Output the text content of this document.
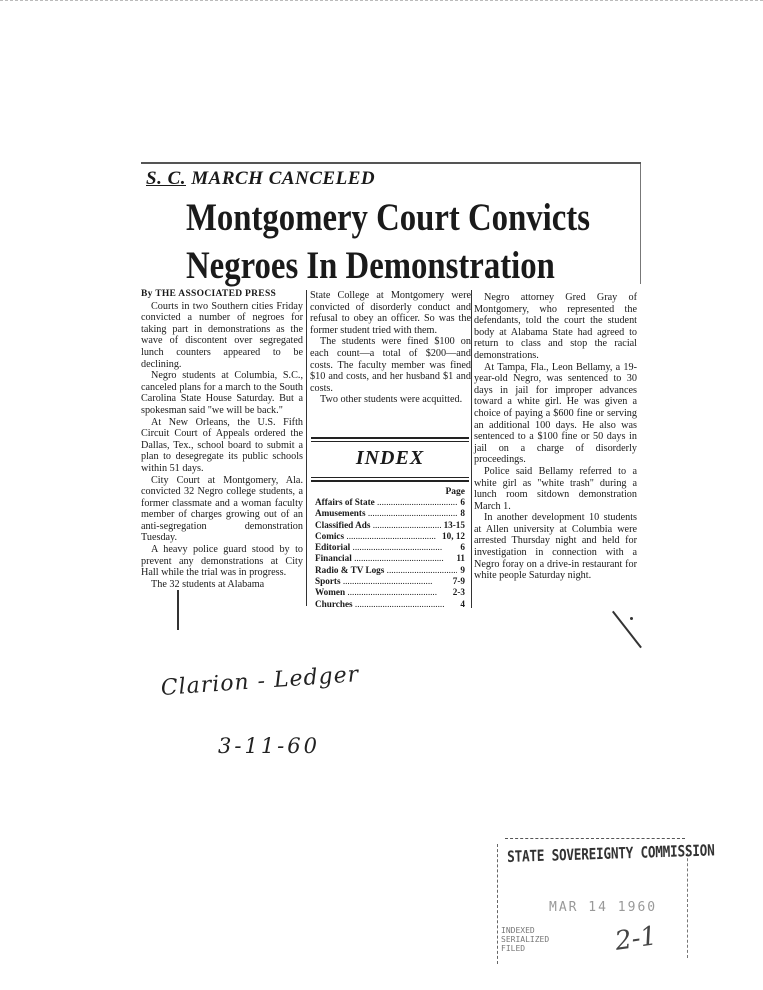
S. C. MARCH CANCELED
Montgomery Court Convicts
Negroes In Demonstration

By THE ASSOCIATED PRESS

Courts in two Southern cities Friday convicted a number of negroes for taking part in demonstrations as the wave of discontent over segregated lunch counters appeared to be declining.

Negro students at Columbia, S.C., canceled plans for a march to the South Carolina State House Saturday. But a spokesman said "we will be back."

At New Orleans, the U.S. Fifth Circuit Court of Appeals ordered the Dallas, Tex., school board to submit a plan to desegregate its public schools within 51 days.

City Court at Montgomery, Ala. convicted 32 Negro college students, a former classmate and a woman faculty member of charges growing out of an anti-segregation demonstration Tuesday.

A heavy police guard stood by to prevent any demonstrations at City Hall while the trial was in progress.

The 32 students at Alabama

State College at Montgomery were convicted of disorderly conduct and refusal to obey an officer. So was the former student tried with them.

The students were fined $100 on each count—a total of $200—and costs. The faculty member was fined $10 and costs, and her husband $1 and costs.

Two other students were acquitted.

INDEX
Page
Affairs of State .....	6
Amusements .....	8
Classified Ads .....	13-15
Comics .....	10, 12
Editorial .....	6
Financial .....	11
Radio & TV Logs .....	9
Sports .....	7-9
Women .....	2-3
Churches .....	4

Negro attorney Gred Gray of Montgomery, who represented the defendants, told the court the student body at Alabama State had agreed to return to class and stop the racial demonstrations.

At Tampa, Fla., Leon Bellamy, a 19-year-old Negro, was sentenced to 30 days in jail for improper advances toward a white girl. He was given a choice of paying a $600 fine or serving an additional 100 days. He also was sentenced to a $100 fine or 50 days in jail on a charge of disorderly proceedings.

Police said Bellamy referred to a white girl as "white trash" during a lunch room sitdown demonstration March 1.

In another development 10 students at Allen university at Columbia were arrested Thursday night and held for investigation in connection with a Negro foray on a drive-in restaurant for white people Saturday night.

Clarion - Ledger
3-11-60
STATE SOVEREIGNTY COMMISSION
MAR 14 1960
INDEXED
SERIALIZED
FILED	2-1
